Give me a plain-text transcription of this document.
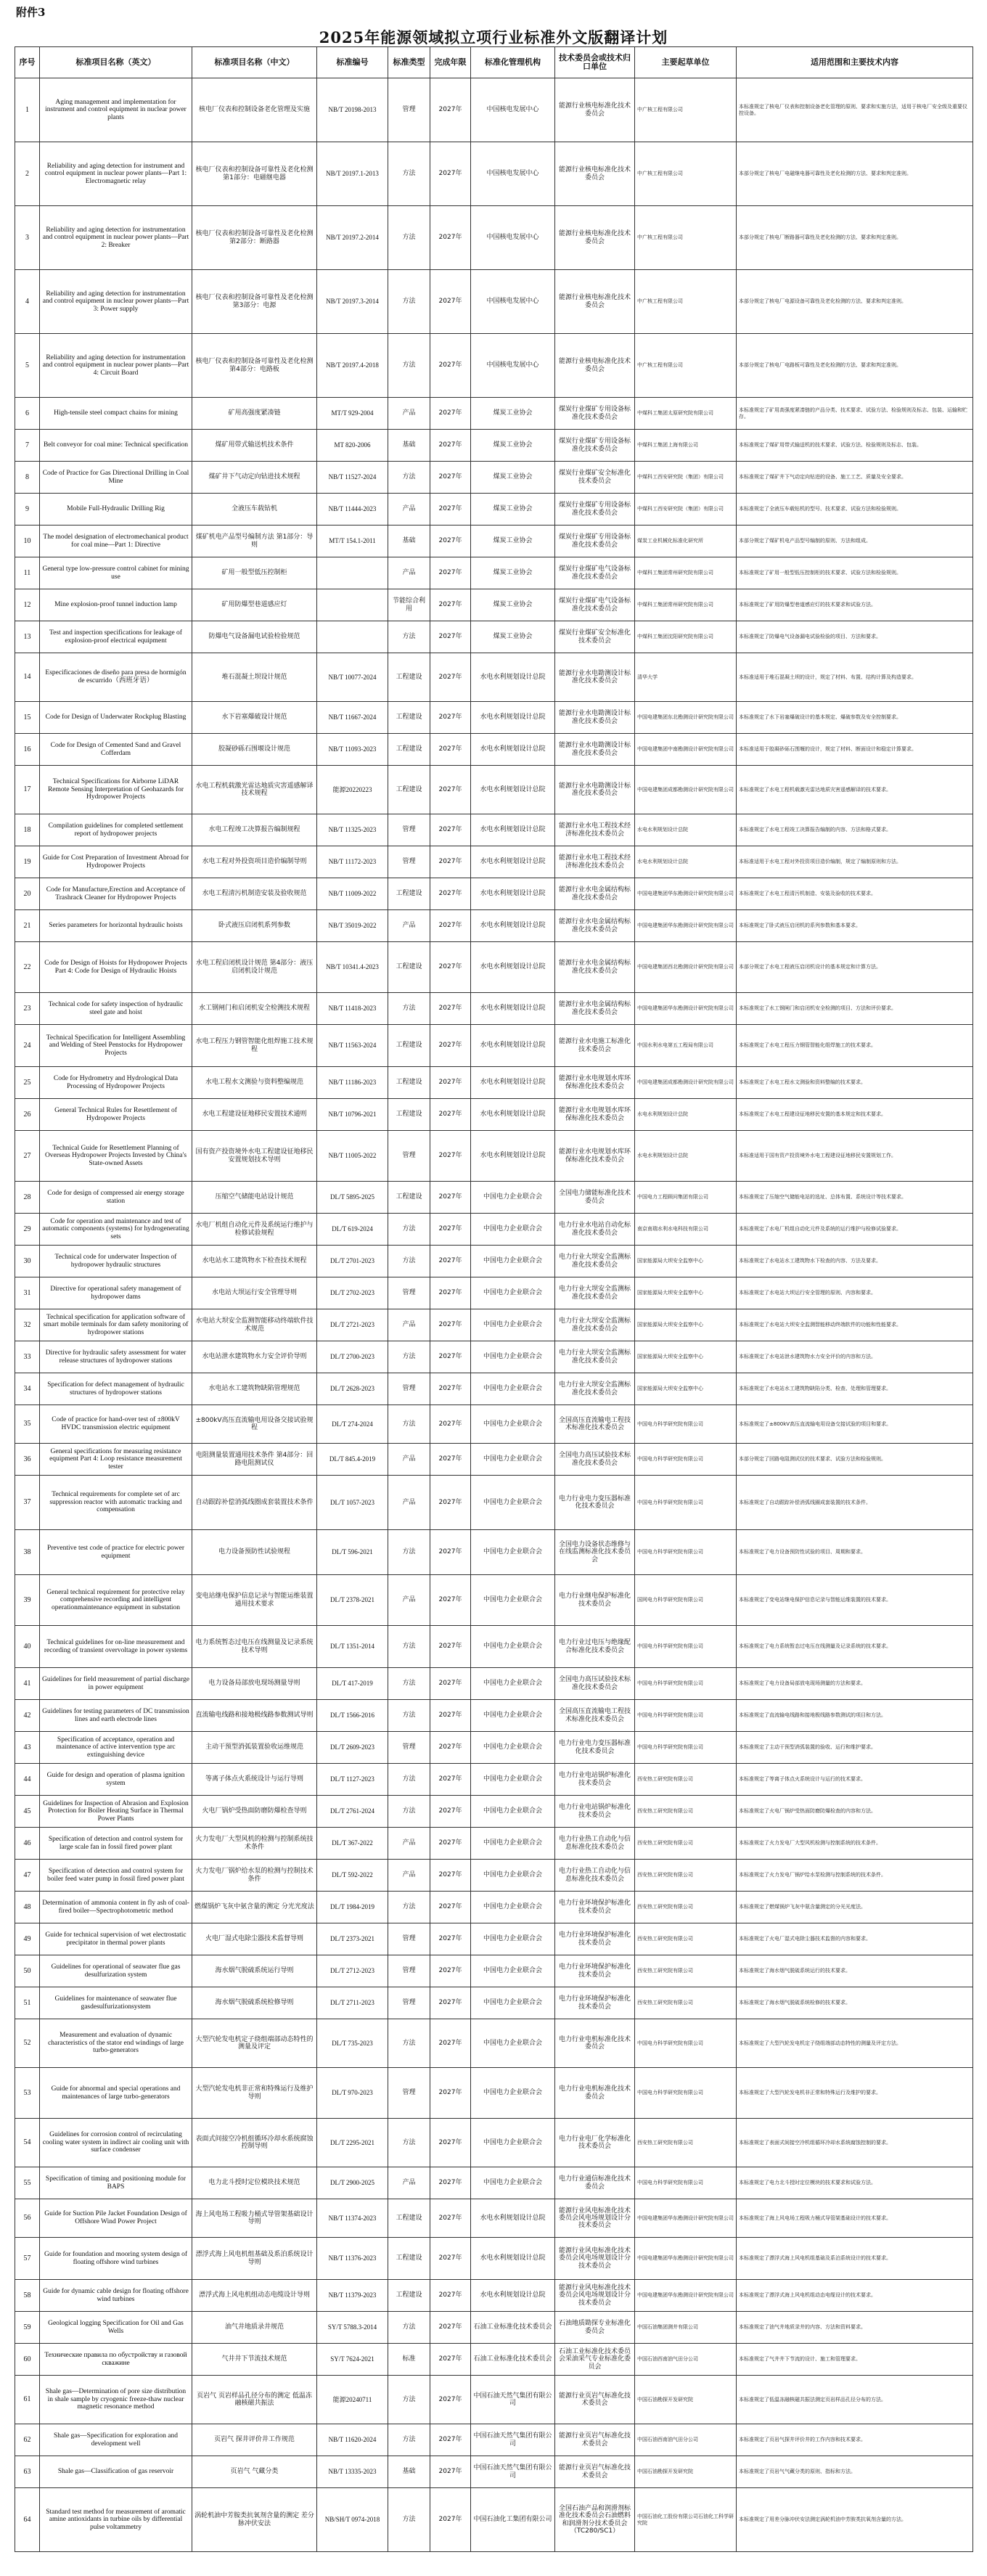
附件3
2025年能源领域拟立项行业标准外文版翻译计划
序号	标准项目名称（英文）	标准项目名称（中文）	标准编号	标准类型	完成年限	标准化管理机构	技术委员会或技术归口单位	主要起草单位	适用范围和主要技术内容
1	Aging management and implementation for instrument and control equipment in nuclear power plants	核电厂仪表和控制设备老化管理及实施	NB/T 20198-2013	管理	2027年	中国核电发展中心	能源行业核电标准化技术委员会	中广核工程有限公司	本标准规定了核电厂仪表和控制设备老化管理的原则、要求和实施方法，适用于核电厂安全级及重要仪控设备。
2	Reliability and aging detection for instrument and control equipment in nuclear power plants—Part 1: Electromagnetic relay	核电厂仪表和控制设备可靠性及老化检测 第1部分：电磁继电器	NB/T 20197.1-2013	方法	2027年	中国核电发展中心	能源行业核电标准化技术委员会	中广核工程有限公司	本部分规定了核电厂电磁继电器可靠性及老化检测的方法、要求和判定准则。
3	Reliability and aging detection for instrumentation and control equipment in nuclear power plants—Part 2: Breaker	核电厂仪表和控制设备可靠性及老化检测 第2部分：断路器	NB/T 20197.2-2014	方法	2027年	中国核电发展中心	能源行业核电标准化技术委员会	中广核工程有限公司	本部分规定了核电厂断路器可靠性及老化检测的方法、要求和判定准则。
4	Reliability and aging detection for instrumentation and control equipment in nuclear power plants—Part 3: Power supply	核电厂仪表和控制设备可靠性及老化检测 第3部分：电源	NB/T 20197.3-2014	方法	2027年	中国核电发展中心	能源行业核电标准化技术委员会	中广核工程有限公司	本部分规定了核电厂电源设备可靠性及老化检测的方法、要求和判定准则。
5	Reliability and aging detection for instrumentation and control equipment in nuclear power plants—Part 4: Circuit Board	核电厂仪表和控制设备可靠性及老化检测 第4部分：电路板	NB/T 20197.4-2018	方法	2027年	中国核电发展中心	能源行业核电标准化技术委员会	中广核工程有限公司	本部分规定了核电厂电路板可靠性及老化检测的方法、要求和判定准则。
6	High-tensile steel compact chains for mining	矿用高强度紧凑链	MT/T 929-2004	产品	2027年	煤炭工业协会	煤炭行业煤矿专用设备标准化技术委员会	中煤科工集团太原研究院有限公司	本标准规定了矿用高强度紧凑链的产品分类、技术要求、试验方法、检验规则及标志、包装、运输和贮存。
7	Belt conveyor for coal mine: Technical specification	煤矿用带式输送机技术条件	MT 820-2006	基础	2027年	煤炭工业协会	煤炭行业煤矿专用设备标准化技术委员会	中煤科工集团上海有限公司	本标准规定了煤矿用带式输送机的技术要求、试验方法、检验规则及标志、包装。
8	Code of Practice for Gas Directional Drilling in Coal Mine	煤矿井下气动定向钻进技术规程	NB/T 11527-2024	方法	2027年	煤炭工业协会	煤炭行业煤矿安全标准化技术委员会	中煤科工西安研究院（集团）有限公司	本标准规定了煤矿井下气动定向钻进的设备、施工工艺、质量及安全要求。
9	Mobile Full-Hydraulic Drilling Rig	全液压车载钻机	NB/T 11444-2023	产品	2027年	煤炭工业协会	煤炭行业煤矿专用设备标准化技术委员会	中煤科工西安研究院（集团）有限公司	本标准规定了全液压车载钻机的型号、技术要求、试验方法和检验规则。
10	The model designation of electromechanical product for coal mine—Part 1: Directive	煤矿机电产品型号编制方法 第1部分：导则	MT/T 154.1-2011	基础	2027年	煤炭工业协会	煤炭行业煤矿专用设备标准化技术委员会	煤炭工业机械化标准化研究所	本部分规定了煤矿机电产品型号编制的原则、方法和组成。
11	General type low-pressure control cabinet for mining use	矿用一般型低压控制柜		产品	2027年	煤炭工业协会	煤炭行业煤矿电气设备标准化技术委员会	中煤科工集团常州研究院有限公司	本标准规定了矿用一般型低压控制柜的技术要求、试验方法和检验规则。
12	Mine explosion-proof tunnel induction lamp	矿用防爆型巷道感应灯		节能综合利用	2027年	煤炭工业协会	煤炭行业煤矿电气设备标准化技术委员会	中煤科工集团常州研究院有限公司	本标准规定了矿用防爆型巷道感应灯的技术要求和试验方法。
13	Test and inspection specifications for leakage of explosion-proof electrical equipment	防爆电气设备漏电试验检验规范		方法	2027年	煤炭工业协会	煤炭行业煤矿安全标准化技术委员会	中煤科工集团沈阳研究院有限公司	本标准规定了防爆电气设备漏电试验检验的项目、方法和要求。
14	Especificaciones de diseño para presa de hormigón de escurrido（西班牙语）	堆石混凝土坝设计规范	NB/T 10077-2024	工程建设	2027年	水电水利规划设计总院	能源行业水电勘测设计标准化技术委员会	清华大学	本标准适用于堆石混凝土坝的设计，规定了材料、布置、结构计算及构造要求。
15	Code for Design of Underwater Rockplug Blasting	水下岩塞爆破设计规范	NB/T 11667-2024	工程建设	2027年	水电水利规划设计总院	能源行业水电勘测设计标准化技术委员会	中国电建集团东北勘测设计研究院有限公司	本标准规定了水下岩塞爆破设计的基本规定、爆破参数及安全控制要求。
16	Code for Design of Cemented Sand and Gravel Cofferdam	胶凝砂砾石围堰设计规范	NB/T 11093-2023	工程建设	2027年	水电水利规划设计总院	能源行业水电勘测设计标准化技术委员会	中国电建集团中南勘测设计研究院有限公司	本标准适用于胶凝砂砾石围堰的设计，规定了材料、断面设计和稳定计算要求。
17	Technical Specifications for Airborne LiDAR Remote Sensing Interpretation of Geohazards for Hydropower Projects	水电工程机载激光雷达地质灾害遥感解译技术规程	能源20220223	工程建设	2027年	水电水利规划设计总院	能源行业水电勘测设计标准化技术委员会	中国电建集团成都勘测设计研究院有限公司	本标准规定了水电工程机载激光雷达地质灾害遥感解译的技术要求。
18	Compilation guidelines for completed settlement report of hydropower projects	水电工程竣工决算报告编制规程	NB/T 11325-2023	管理	2027年	水电水利规划设计总院	能源行业水电工程技术经济标准化技术委员会	水电水利规划设计总院	本标准规定了水电工程竣工决算报告编制的内容、方法和格式要求。
19	Guide for Cost Preparation of Investment Abroad for Hydropower Projects	水电工程对外投资项目造价编制导则	NB/T 11172-2023	管理	2027年	水电水利规划设计总院	能源行业水电工程技术经济标准化技术委员会	水电水利规划设计总院	本标准适用于水电工程对外投资项目造价编制，规定了编制原则和方法。
20	Code for Manufacture,Erection and Acceptance of Trashrack Cleaner for Hydropower Projects	水电工程清污机制造安装及验收规范	NB/T 11009-2022	工程建设	2027年	水电水利规划设计总院	能源行业水电金属结构标准化技术委员会	中国电建集团华东勘测设计研究院有限公司	本标准规定了水电工程清污机制造、安装及验收的技术要求。
21	Series parameters for horizontal hydraulic hoists	卧式液压启闭机系列参数	NB/T 35019-2022	产品	2027年	水电水利规划设计总院	能源行业水电金属结构标准化技术委员会	中国电建集团华东勘测设计研究院有限公司	本标准规定了卧式液压启闭机的系列参数和基本要求。
22	Code for Design of Hoists for Hydropower Projects Part 4: Code for Design of Hydraulic Hoists	水电工程启闭机设计规范 第4部分：液压启闭机设计规范	NB/T 10341.4-2023	工程建设	2027年	水电水利规划设计总院	能源行业水电金属结构标准化技术委员会	中国电建集团西北勘测设计研究院有限公司	本部分规定了水电工程液压启闭机设计的基本规定和计算方法。
23	Technical code for safety inspection of hydraulic steel gate and hoist	水工钢闸门和启闭机安全检测技术规程	NB/T 11418-2023	方法	2027年	水电水利规划设计总院	能源行业水电金属结构标准化技术委员会	中国电建集团华东勘测设计研究院有限公司	本标准规定了水工钢闸门和启闭机安全检测的项目、方法和评价要求。
24	Technical Specification for Intelligent Assembling and Welding of Steel Penstocks for Hydropower Projects	水电工程压力钢管智能化组焊施工技术规程	NB/T 11563-2024	工程建设	2027年	水电水利规划设计总院	能源行业水电施工标准化技术委员会	中国水利水电第五工程局有限公司	本标准规定了水电工程压力钢管智能化组焊施工的技术要求。
25	Code for Hydrometry and Hydrological Data Processing of Hydropower Projects	水电工程水文测验与资料整编规范	NB/T 11186-2023	工程建设	2027年	水电水利规划设计总院	能源行业水电规划水库环保标准化技术委员会	中国电建集团成都勘测设计研究院有限公司	本标准规定了水电工程水文测验和资料整编的技术要求。
26	General Technical Rules for Resettlement of Hydropower Projects	水电工程建设征地移民安置技术通则	NB/T 10796-2021	工程建设	2027年	水电水利规划设计总院	能源行业水电规划水库环保标准化技术委员会	水电水利规划设计总院	本标准规定了水电工程建设征地移民安置的基本规定和技术要求。
27	Technical Guide for Resettlement Planning of Overseas Hydropower Projects Invested by China's State-owned Assets	国有资产投资境外水电工程建设征地移民安置规划技术导则	NB/T 11005-2022	管理	2027年	水电水利规划设计总院	能源行业水电规划水库环保标准化技术委员会	水电水利规划设计总院	本标准适用于国有资产投资境外水电工程建设征地移民安置规划工作。
28	Code for design of compressed air energy storage station	压缩空气储能电站设计规范	DL/T 5895-2025	工程建设	2027年	中国电力企业联合会	全国电力储能标准化技术委员会	中国电力工程顾问集团有限公司	本标准规定了压缩空气储能电站的选址、总体布置、系统设计等技术要求。
29	Code for operation and maintenance and test of automatic components (systems) for hydrogenerating sets	水电厂机组自动化元件及系统运行维护与检修试验规程	DL/T 619-2024	方法	2027年	中国电力企业联合会	电力行业水电站自动化标准化技术委员会	南京南瑞水利水电科技有限公司	本标准规定了水电厂机组自动化元件及系统的运行维护与检修试验要求。
30	Technical code for underwater Inspection of hydropower hydraulic structures	水电站水工建筑物水下检查技术规程	DL/T 2701-2023	方法	2027年	中国电力企业联合会	电力行业大坝安全监测标准化技术委员会	国家能源局大坝安全监察中心	本标准规定了水电站水工建筑物水下检查的内容、方法及要求。
31	Directive for operational safety management of hydropower dams	水电站大坝运行安全管理导则	DL/T 2702-2023	管理	2027年	中国电力企业联合会	电力行业大坝安全监测标准化技术委员会	国家能源局大坝安全监察中心	本标准规定了水电站大坝运行安全管理的原则、内容和要求。
32	Technical specification for application software of smart mobile terminals for dam safety monitoring of hydropower stations	水电站大坝安全监测智能移动终端软件技术规范	DL/T 2721-2023	产品	2027年	中国电力企业联合会	电力行业大坝安全监测标准化技术委员会	国家能源局大坝安全监察中心	本标准规定了水电站大坝安全监测智能移动终端软件的功能和性能要求。
33	Directive for hydraulic safety assessment for water release structures of hydropower stations	水电站泄水建筑物水力安全评价导则	DL/T 2700-2023	方法	2027年	中国电力企业联合会	电力行业大坝安全监测标准化技术委员会	国家能源局大坝安全监察中心	本标准规定了水电站泄水建筑物水力安全评价的内容和方法。
34	Specification for defect management of hydraulic structures of hydropower stations	水电站水工建筑物缺陷管理规范	DL/T 2628-2023	管理	2027年	中国电力企业联合会	电力行业大坝安全监测标准化技术委员会	国家能源局大坝安全监察中心	本标准规定了水电站水工建筑物缺陷分类、检查、处理和管理要求。
35	Code of practice for hand-over test of ±800kV HVDC transmission electric equipment	±800kV高压直流输电用设备交接试验规程	DL/T 274-2024	方法	2027年	中国电力企业联合会	全国高压直流输电工程技术标准化技术委员会	中国电力科学研究院有限公司	本标准规定了±800kV高压直流输电用设备交接试验的项目和要求。
36	General specifications for measuring resistance equipment Part 4: Loop resistance measurement tester	电阻测量装置通用技术条件 第4部分：回路电阻测试仪	DL/T 845.4-2019	产品	2027年	中国电力企业联合会	全国电力高压试验技术标准化技术委员会	中国电力科学研究院有限公司	本部分规定了回路电阻测试仪的技术要求、试验方法和检验规则。
37	Technical requirements for complete set of arc suppression reactor with automatic tracking and compensation	自动跟踪补偿消弧线圈成套装置技术条件	DL/T 1057-2023	产品	2027年	中国电力企业联合会	电力行业电力变压器标准化技术委员会	中国电力科学研究院有限公司	本标准规定了自动跟踪补偿消弧线圈成套装置的技术条件。
38	Preventive test code of practice for electric power equipment	电力设备预防性试验规程	DL/T 596-2021	方法	2027年	中国电力企业联合会	全国电力设备状态维修与在线监测标准化技术委员会	中国电力科学研究院有限公司	本标准规定了电力设备预防性试验的项目、周期和要求。
39	General technical requirement for protective relay comprehensive recording and intelligent operationmaintenance equipment in substation	变电站继电保护信息记录与智能运维装置通用技术要求	DL/T 2378-2021	产品	2027年	中国电力企业联合会	电力行业继电保护标准化技术委员会	国网电力科学研究院有限公司	本标准规定了变电站继电保护信息记录与智能运维装置的技术要求。
40	Technical guidelines for on-line measurement and recording of transient overvoltage in power systems	电力系统暂态过电压在线测量及记录系统技术导则	DL/T 1351-2014	方法	2027年	中国电力企业联合会	电力行业过电压与绝缘配合标准化技术委员会	中国电力科学研究院有限公司	本标准规定了电力系统暂态过电压在线测量及记录系统的技术要求。
41	Guidelines for field measurement of partial discharge in power equipment	电力设备局部放电现场测量导则	DL/T 417-2019	方法	2027年	中国电力企业联合会	全国电力高压试验技术标准化技术委员会	中国电力科学研究院有限公司	本标准规定了电力设备局部放电现场测量的方法和要求。
42	Guidelines for testing parameters of DC transmission lines and earth electrode lines	直流输电线路和接地极线路参数测试导则	DL/T 1566-2016	方法	2027年	中国电力企业联合会	全国高压直流输电工程技术标准化技术委员会	中国电力科学研究院有限公司	本标准规定了直流输电线路和接地极线路参数测试的项目和方法。
43	Specification of acceptance, operation and maintenance of active intervention type arc extinguishing device	主动干预型消弧装置验收运维规范	DL/T 2609-2023	管理	2027年	中国电力企业联合会	电力行业电力变压器标准化技术委员会	中国电力科学研究院有限公司	本标准规定了主动干预型消弧装置的验收、运行和维护要求。
44	Guide for design and operation of plasma ignition system	等离子体点火系统设计与运行导则	DL/T 1127-2023	方法	2027年	中国电力企业联合会	电力行业电站锅炉标准化技术委员会	西安热工研究院有限公司	本标准规定了等离子体点火系统设计与运行的技术要求。
45	Guidelines for Inspection of Abrasion and Explosion Protection for Boiler Heating Surface in Thermal Power Plants	火电厂锅炉受热面防磨防爆检查导则	DL/T 2761-2024	方法	2027年	中国电力企业联合会	电力行业电站锅炉标准化技术委员会	西安热工研究院有限公司	本标准规定了火电厂锅炉受热面防磨防爆检查的内容和方法。
46	Specification of detection and control system for large scale fan in fossil fired power plant	火力发电厂大型风机的检测与控制系统技术条件	DL/T 367-2022	产品	2027年	中国电力企业联合会	电力行业热工自动化与信息标准化技术委员会	西安热工研究院有限公司	本标准规定了火力发电厂大型风机检测与控制系统的技术条件。
47	Specification of detection and control system for boiler feed water pump in fossil fired power plant	火力发电厂锅炉给水泵的检测与控制技术条件	DL/T 592-2022	产品	2027年	中国电力企业联合会	电力行业热工自动化与信息标准化技术委员会	西安热工研究院有限公司	本标准规定了火力发电厂锅炉给水泵检测与控制系统的技术条件。
48	Determination of ammonia content in fly ash of coal-fired boiler—Spectrophotometric method	燃煤锅炉飞灰中氨含量的测定 分光光度法	DL/T 1984-2019	方法	2027年	中国电力企业联合会	电力行业环境保护标准化技术委员会	西安热工研究院有限公司	本标准规定了燃煤锅炉飞灰中氨含量测定的分光光度法。
49	Guide for technical supervision of wet electrostatic precipitator in thermal power plants	火电厂湿式电除尘器技术监督导则	DL/T 2373-2021	管理	2027年	中国电力企业联合会	电力行业环境保护标准化技术委员会	西安热工研究院有限公司	本标准规定了火电厂湿式电除尘器技术监督的内容和要求。
50	Guidelines for operational of seawater flue gas desulfurization system	海水烟气脱硫系统运行导则	DL/T 2712-2023	管理	2027年	中国电力企业联合会	电力行业环境保护标准化技术委员会	西安热工研究院有限公司	本标准规定了海水烟气脱硫系统运行的技术要求。
51	Guidelines for maintenance of seawater flue gasdesulfurizationsystem	海水烟气脱硫系统检修导则	DL/T 2711-2023	管理	2027年	中国电力企业联合会	电力行业环境保护标准化技术委员会	西安热工研究院有限公司	本标准规定了海水烟气脱硫系统检修的技术要求。
52	Measurement and evaluation of dynamic characteristics of the stator end windings of large turbo-generators	大型汽轮发电机定子绕组端部动态特性的测量及评定	DL/T 735-2023	方法	2027年	中国电力企业联合会	电力行业电机标准化技术委员会	中国电力科学研究院有限公司	本标准规定了大型汽轮发电机定子绕组端部动态特性的测量及评定方法。
53	Guide for abnormal and special operations and maintenances of large turbo-generators	大型汽轮发电机非正常和特殊运行及维护导则	DL/T 970-2023	管理	2027年	中国电力企业联合会	电力行业电机标准化技术委员会	中国电力科学研究院有限公司	本标准规定了大型汽轮发电机非正常和特殊运行及维护的要求。
54	Guidelines for corrosion control of recirculating cooling water system in indirect air cooling unit with surface condenser	表面式间接空冷机组循环冷却水系统腐蚀控制导则	DL/T 2295-2021	方法	2027年	中国电力企业联合会	电力行业电厂化学标准化技术委员会	西安热工研究院有限公司	本标准规定了表面式间接空冷机组循环冷却水系统腐蚀控制的要求。
55	Specification of timing and positioning module for BAPS	电力北斗授时定位模块技术规范	DL/T 2900-2025	产品	2027年	中国电力企业联合会	电力行业通信标准化技术委员会	中国电力科学研究院有限公司	本标准规定了电力北斗授时定位模块的技术要求和试验方法。
56	Guide for Suction Pile Jacket Foundation Design of Offshore Wind Power Project	海上风电场工程吸力桶式导管架基础设计导则	NB/T 11374-2023	工程建设	2027年	水电水利规划设计总院	能源行业风电标准化技术委员会风电场规划设计分技术委员会	中国电建集团华东勘测设计研究院有限公司	本标准规定了海上风电场工程吸力桶式导管架基础设计的技术要求。
57	Guide for foundation and mooring system design of floating offshore wind turbines	漂浮式海上风电机组基础及系泊系统设计导则	NB/T 11376-2023	工程建设	2027年	水电水利规划设计总院	能源行业风电标准化技术委员会风电场规划设计分技术委员会	中国电建集团华东勘测设计研究院有限公司	本标准规定了漂浮式海上风电机组基础及系泊系统设计的技术要求。
58	Guide for dynamic cable design for floating offshore wind turbines	漂浮式海上风电机组动态电缆设计导则	NB/T 11379-2023	工程建设	2027年	水电水利规划设计总院	能源行业风电标准化技术委员会风电场规划设计分技术委员会	中国电建集团华东勘测设计研究院有限公司	本标准规定了漂浮式海上风电机组动态电缆设计的技术要求。
59	Geological logging Specification for Oil and Gas Wells	油气井地质录井规范	SY/T 5788.3-2014	方法	2027年	石油工业标准化技术委员会	石油地质勘探专业标准化委员会	中国石油集团测井有限公司	本标准规定了油气井地质录井的内容、方法和资料要求。
60	Технические правила по обустройству и газовой скважине	气井井下节流技术规范	SY/T 7624-2021	标准	2027年	石油工业标准化技术委员会	石油工业标准化技术委员会采油采气专业标准化委员会	中国石油西南油气田分公司	本标准规定了气井井下节流的设计、施工和管理要求。
61	Shale gas—Determination of pore size distribution in shale sample by cryogenic freeze-thaw nuclear magnetic resonance method	页岩气 页岩样品孔径分布的测定 低温冻融核磁共振法	能源20240711	方法	2027年	中国石油天然气集团有限公司	能源行业页岩气标准化技术委员会	中国石油勘探开发研究院	本标准规定了低温冻融核磁共振法测定页岩样品孔径分布的方法。
62	Shale gas—Specification for exploration and development well	页岩气 探井评价井工作规范	NB/T 11620-2024	方法	2027年	中国石油天然气集团有限公司	能源行业页岩气标准化技术委员会	中国石油西南油气田分公司	本标准规定了页岩气探井评价井的工作内容和技术要求。
63	Shale gas—Classification of gas reservoir	页岩气 气藏分类	NB/T 13335-2023	基础	2027年	中国石油天然气集团有限公司	能源行业页岩气标准化技术委员会	中国石油勘探开发研究院	本标准规定了页岩气气藏分类的原则、指标和方法。
64	Standard test method for measurement of aromatic amine antioxidants in turbine oils by differential pulse voltammetry	涡轮机油中芳胺类抗氧剂含量的测定 差分脉冲伏安法	NB/SH/T 0974-2018	方法	2027年	中国石油化工集团有限公司	全国石油产品和润滑剂标准化技术委员会石油燃料和润滑剂分技术委员会（TC280/SC1）	中国石油化工股份有限公司石油化工科学研究院	本标准规定了用差分脉冲伏安法测定涡轮机油中芳胺类抗氧剂含量的方法。
